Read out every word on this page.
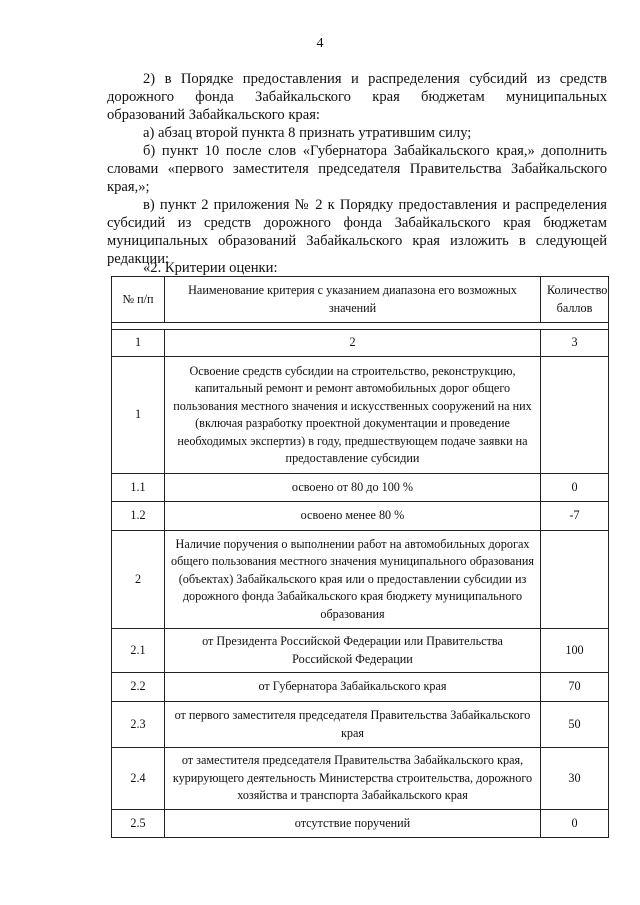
4
2) в Порядке предоставления и распределения субсидий из средств
дорожного фонда Забайкальского края бюджетам муниципальных
образований Забайкальского края:
а) абзац второй пункта 8 признать утратившим силу;
б) пункт 10 после слов «Губернатора Забайкальского края,» дополнить
словами «первого заместителя председателя Правительства Забайкальского
края,»;
в) пункт 2 приложения № 2 к Порядку предоставления и распределения
субсидий из средств дорожного фонда Забайкальского края бюджетам
муниципальных образований Забайкальского края изложить в следующей
редакции:
«2. Критерии оценки:
№ п/п	Наименование критерия с указанием диапазона его возможных значений	Количество баллов

1	2	3
1	Освоение средств субсидии на строительство, реконструкцию, капитальный ремонт и ремонт автомобильных дорог общего пользования местного значения и искусственных сооружений на них (включая разработку проектной документации и проведение необходимых экспертиз) в году, предшествующем подаче заявки на предоставление субсидии	
1.1	освоено от 80 до 100 %	0
1.2	освоено менее 80 %	-7
2	Наличие поручения о выполнении работ на автомобильных дорогах общего пользования местного значения муниципального образования (объектах) Забайкальского края или о предоставлении субсидии из дорожного фонда Забайкальского края бюджету муниципального образования	
2.1	от Президента Российской Федерации или Правительства Российской Федерации	100
2.2	от Губернатора Забайкальского края	70
2.3	от первого заместителя председателя Правительства Забайкальского края	50
2.4	от заместителя председателя Правительства Забайкальского края, курирующего деятельность Министерства строительства, дорожного хозяйства и транспорта Забайкальского края	30
2.5	отсутствие поручений	0
